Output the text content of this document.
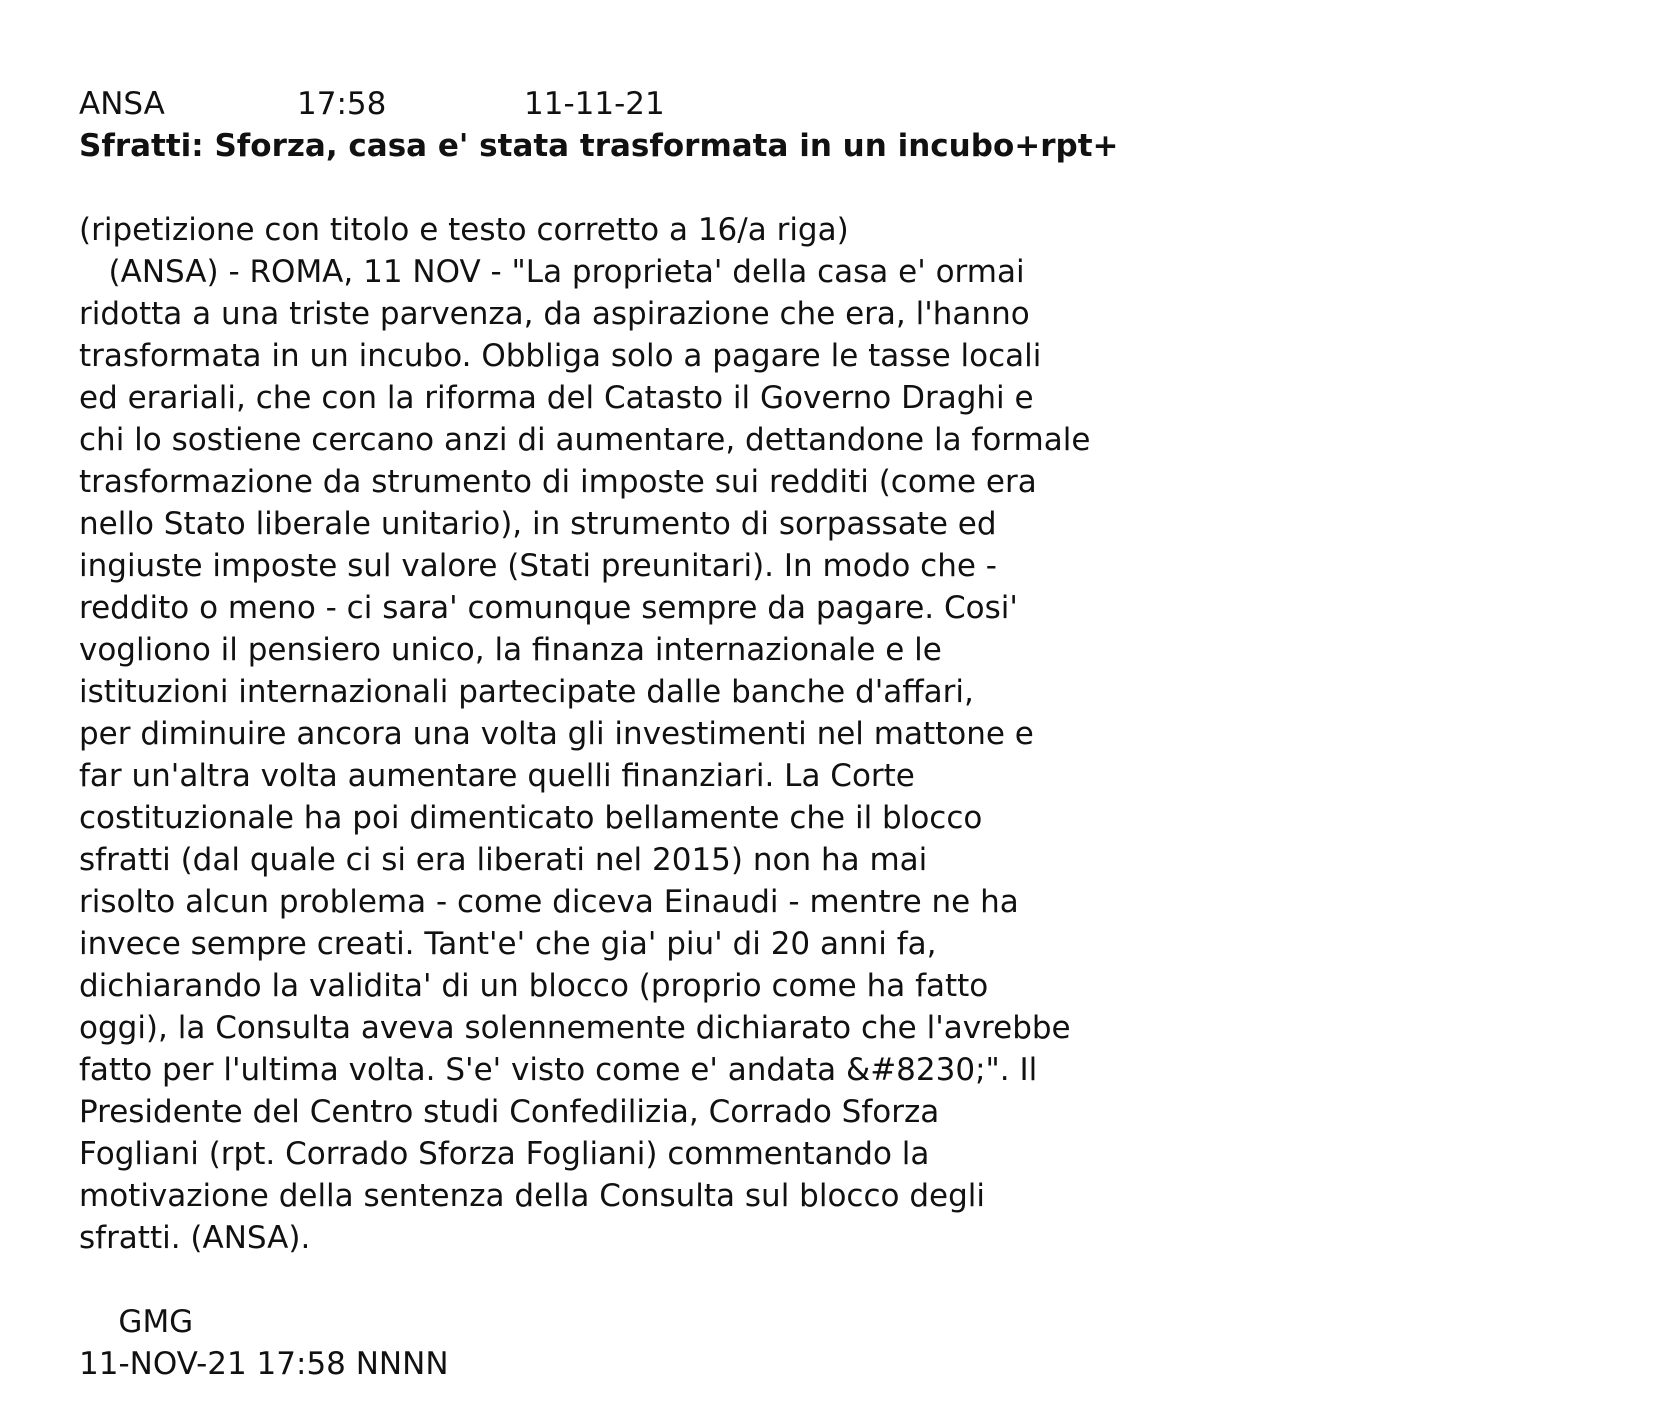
ANSA

	17:58

	11-11-21

Sfratti: Sforza, casa e' stata trasformata in un incubo+rpt+
(ripetizione con titolo e testo corretto a 16/a riga)
(ANSA) - ROMA, 11 NOV - "La proprieta' della casa e' ormai
ridotta a una triste parvenza, da aspirazione che era, l'hanno
trasformata in un incubo. Obbliga solo a pagare le tasse locali
ed erariali, che con la riforma del Catasto il Governo Draghi e
chi lo sostiene cercano anzi di aumentare, dettandone la formale
trasformazione da strumento di imposte sui redditi (come era
nello Stato liberale unitario), in strumento di sorpassate ed
ingiuste imposte sul valore (Stati preunitari). In modo che -
reddito o meno - ci sara' comunque sempre da pagare. Cosi'
vogliono il pensiero unico, la finanza internazionale e le
istituzioni internazionali partecipate dalle banche d'affari,
per diminuire ancora una volta gli investimenti nel mattone e
far un'altra volta aumentare quelli finanziari. La Corte
costituzionale ha poi dimenticato bellamente che il blocco
sfratti (dal quale ci si era liberati nel 2015) non ha mai
risolto alcun problema - come diceva Einaudi - mentre ne ha
invece sempre creati. Tant'e' che gia' piu' di 20 anni fa,
dichiarando la validita' di un blocco (proprio come ha fatto
oggi), la Consulta aveva solennemente dichiarato che l'avrebbe
fatto per l'ultima volta. S'e' visto come e' andata &#8230;". Il
Presidente del Centro studi Confedilizia, Corrado Sforza
Fogliani (rpt. Corrado Sforza Fogliani) commentando la
motivazione della sentenza della Consulta sul blocco degli
sfratti. (ANSA).
GMG
11-NOV-21 17:58 NNNN
